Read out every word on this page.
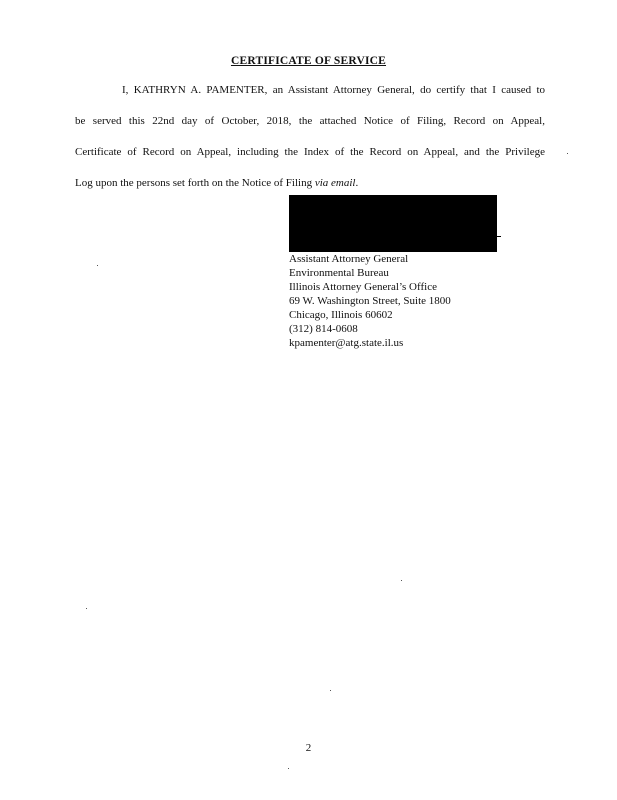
CERTIFICATE OF SERVICE
I, KATHRYN A. PAMENTER, an Assistant Attorney General, do certify that I caused to
be served this 22nd day of October, 2018, the attached Notice of Filing, Record on Appeal,
Certificate of Record on Appeal, including the Index of the Record on Appeal, and the Privilege
Log upon the persons set forth on the Notice of Filing via email.
Assistant Attorney General
Environmental Bureau
Illinois Attorney General’s Office
69 W. Washington Street, Suite 1800
Chicago, Illinois 60602
(312) 814-0608
kpamenter@atg.state.il.us
2
